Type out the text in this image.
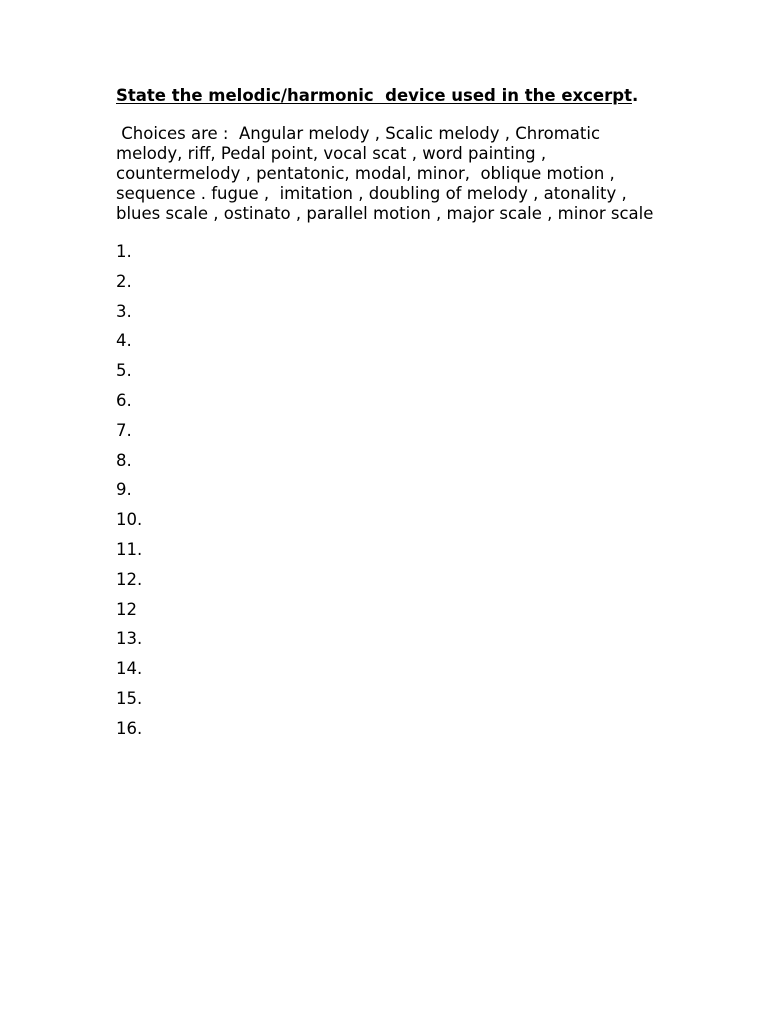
State the melodic/harmonic  device used in the excerpt.

Choices are :  Angular melody , Scalic melody , Chromatic melody, riff, Pedal point, vocal scat , word painting , countermelody , pentatonic, modal, minor,  oblique motion , sequence . fugue ,  imitation , doubling of melody , atonality , blues scale , ostinato , parallel motion , major scale , minor scale
1.
2.
3.
4.
5.
6.
7.
8.
9.
10.
11.
12.
12
13.
14.
15.
16.
